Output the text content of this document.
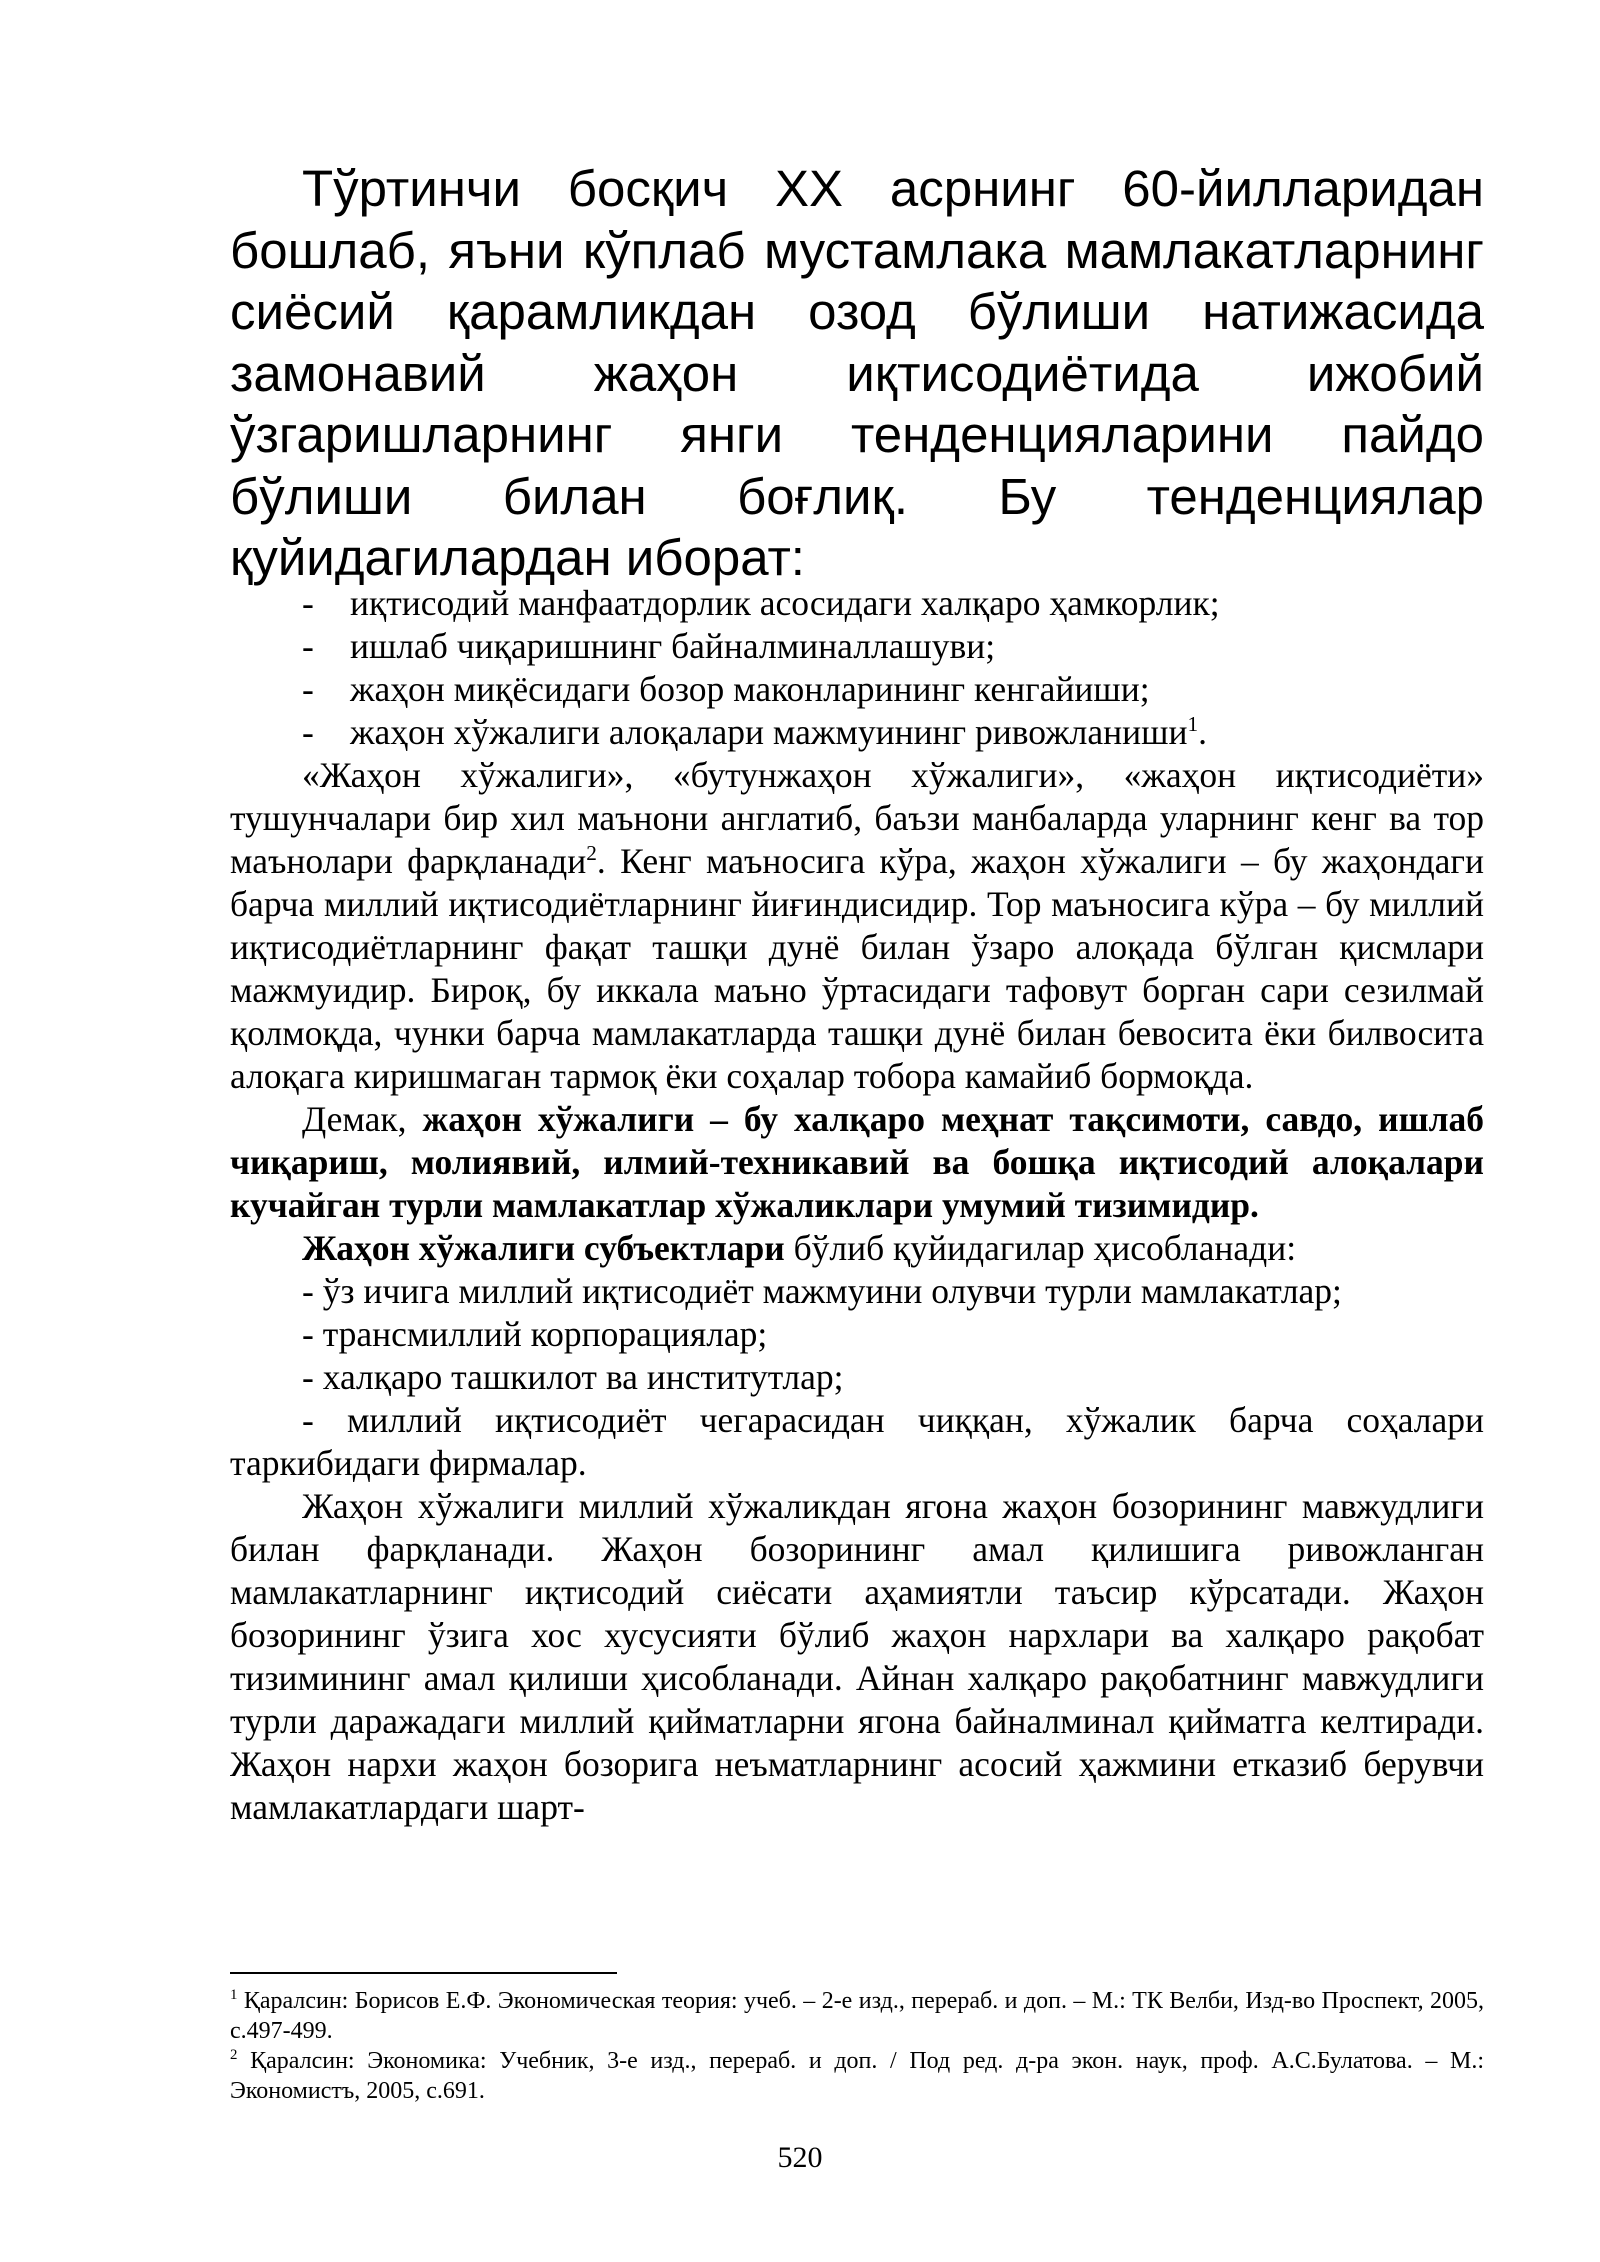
Тўртинчи босқич XX асрнинг 60-йилларидан бошлаб, яъни кўплаб мустамлака мамлакатларнинг сиёсий қарамликдан озод бўлиши натижасида замонавий жаҳон иқтисодиётида ижобий ўзгаришларнинг янги тенденцияларини пайдо бўлиши билан боғлиқ. Бу тенденциялар қуйидагилардан иборат:

- иқтисодий манфаатдорлик асосидаги халқаро ҳамкорлик;
- ишлаб чиқаришнинг байналминаллашуви;
- жаҳон миқёсидаги бозор маконларининг кенгайиши;
- жаҳон хўжалиги алоқалари мажмуининг ривожланиши$^1$.

«Жаҳон хўжалиги», «бутунжаҳон хўжалиги», «жаҳон иқтисодиёти» тушунчалари бир хил маънони англатиб, баъзи манбаларда уларнинг кенг ва тор маънолари фарқланади$^2$. Кенг маъносига кўра, жаҳон хўжалиги – бу жаҳондаги барча миллий иқтисодиётларнинг йиғиндисидир. Тор маъносига кўра – бу миллий иқтисодиётларнинг фақат ташқи дунё билан ўзаро алоқада бўлган қисмлари мажмуидир. Бироқ, бу иккала маъно ўртасидаги тафовут борган сари сезилмай қолмоқда, чунки барча мамлакатларда ташқи дунё билан бевосита ёки билвосита алоқага киришмаган тармоқ ёки соҳалар тобора камайиб бормоқда.

Демак, жаҳон хўжалиги – бу халқаро меҳнат тақсимоти, савдо, ишлаб чиқариш, молиявий, илмий-техникавий ва бошқа иқтисодий алоқалари кучайган турли мамлакатлар хўжаликлари умумий тизимидир.

Жаҳон хўжалиги субъектлари бўлиб қуйидагилар ҳисобланади:

- ўз ичига миллий иқтисодиёт мажмуини олувчи турли мамлакатлар;

- трансмиллий корпорациялар;

- халқаро ташкилот ва институтлар;

- миллий иқтисодиёт чегарасидан чиққан, хўжалик барча соҳалари таркибидаги фирмалар.

Жаҳон хўжалиги миллий хўжаликдан ягона жаҳон бозорининг мавжудлиги билан фарқланади. Жаҳон бозорининг амал қилишига ривожланган мамлакатларнинг иқтисодий сиёсати аҳамиятли таъсир кўрсатади. Жаҳон бозорининг ўзига хос хусусияти бўлиб жаҳон нархлари ва халқаро рақобат тизимининг амал қилиши ҳисобланади. Айнан халқаро рақобатнинг мавжудлиги турли даражадаги миллий қийматларни ягона байналминал қийматга келтиради. Жаҳон нархи жаҳон бозорига неъматларнинг асосий ҳажмини етказиб берувчи мамлакатлардаги шарт-

$^1$ Қаралсин: Борисов Е.Ф. Экономическая теория: учеб. – 2-е изд., перераб. и доп. – М.: ТК Велби, Изд-во Проспект, 2005, с.497-499.

$^2$ Қаралсин: Экономика: Учебник, 3-е изд., перераб. и доп. / Под ред. д-ра экон. наук, проф. А.С.Булатова. – М.: Экономистъ, 2005, с.691.

520
